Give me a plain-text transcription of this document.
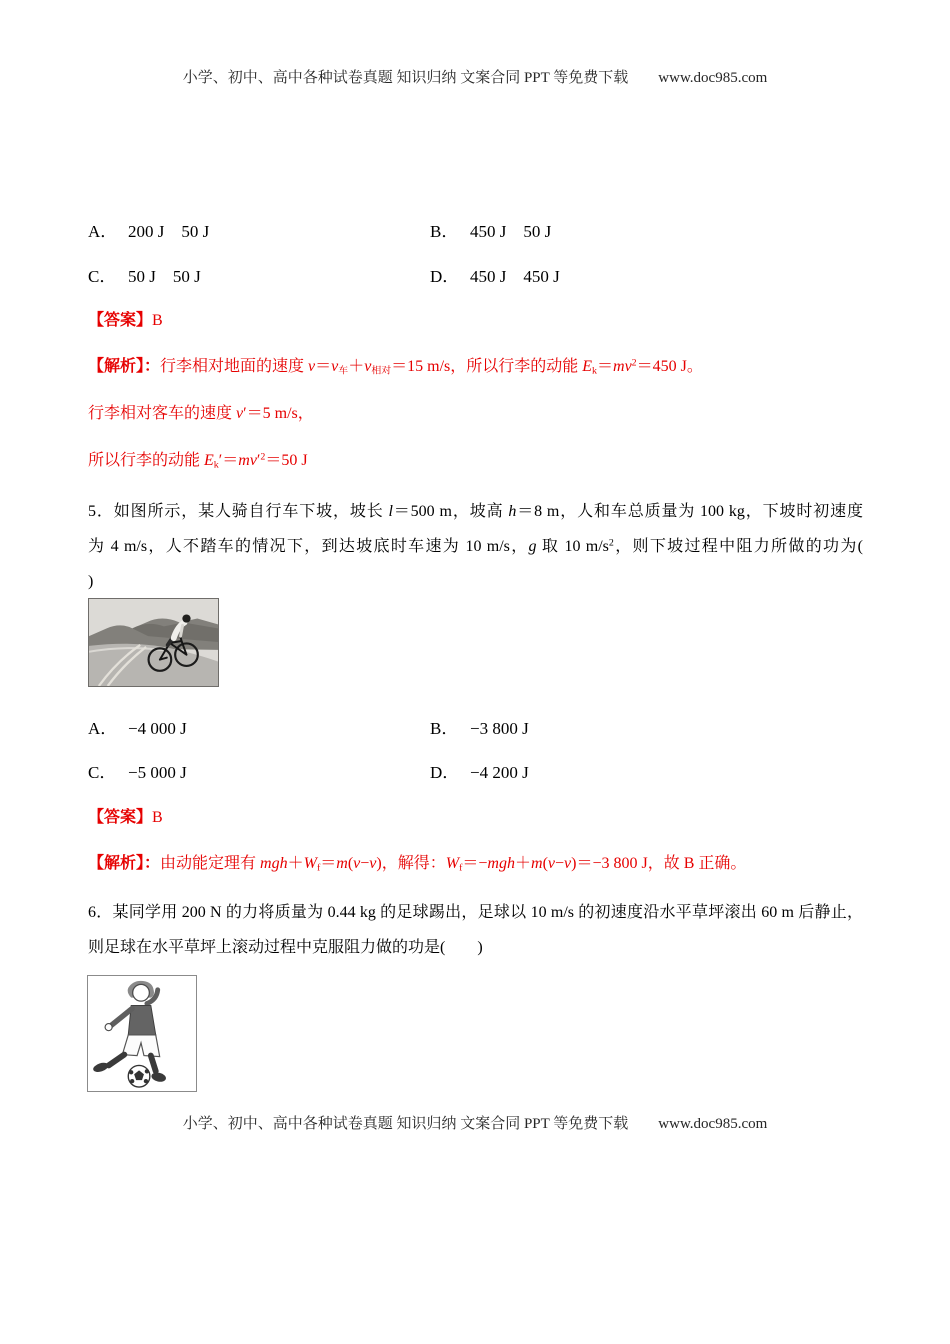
小学、初中、高中各种试卷真题 知识归纳 文案合同 PPT 等免费下载 www.doc985.com
A． 200 J　50 J	B． 450 J　50 J
C． 50 J　50 J	D． 450 J　450 J
【答案】B
【解析】：行李相对地面的速度 $v=v_车+v_{相对}=15$ m/s，所以行李的动能 $E_k=mv^2=450$ J。
行李相对客车的速度 v′＝5 m/s，
所以行李的动能 $E_k'=mv'^2=50$ J
5．如图所示，某人骑自行车下坡，坡长 l＝500 m，坡高 h＝8 m，人和车总质量为 100 kg，下坡时初速度
为 4 m/s，人不踏车的情况下，到达坡底时车速为 10 m/s，g 取 10 $m/s^2$，则下坡过程中阻力所做的功为(
)
A． −4 000 J	B． −3 800 J
C． −5 000 J	D． −4 200 J
【答案】B
【解析】：由动能定理有 $mgh+W_f=m(v-v)$，解得：$W_f=-mgh+m(v-v)=-3$ 800 J，故 B 正确。
6．某同学用 200 N 的力将质量为 0.44 kg 的足球踢出，足球以 10 m/s 的初速度沿水平草坪滚出 60 m 后静止，
则足球在水平草坪上滚动过程中克服阻力做的功是(　　)
小学、初中、高中各种试卷真题 知识归纳 文案合同 PPT 等免费下载 www.doc985.com
